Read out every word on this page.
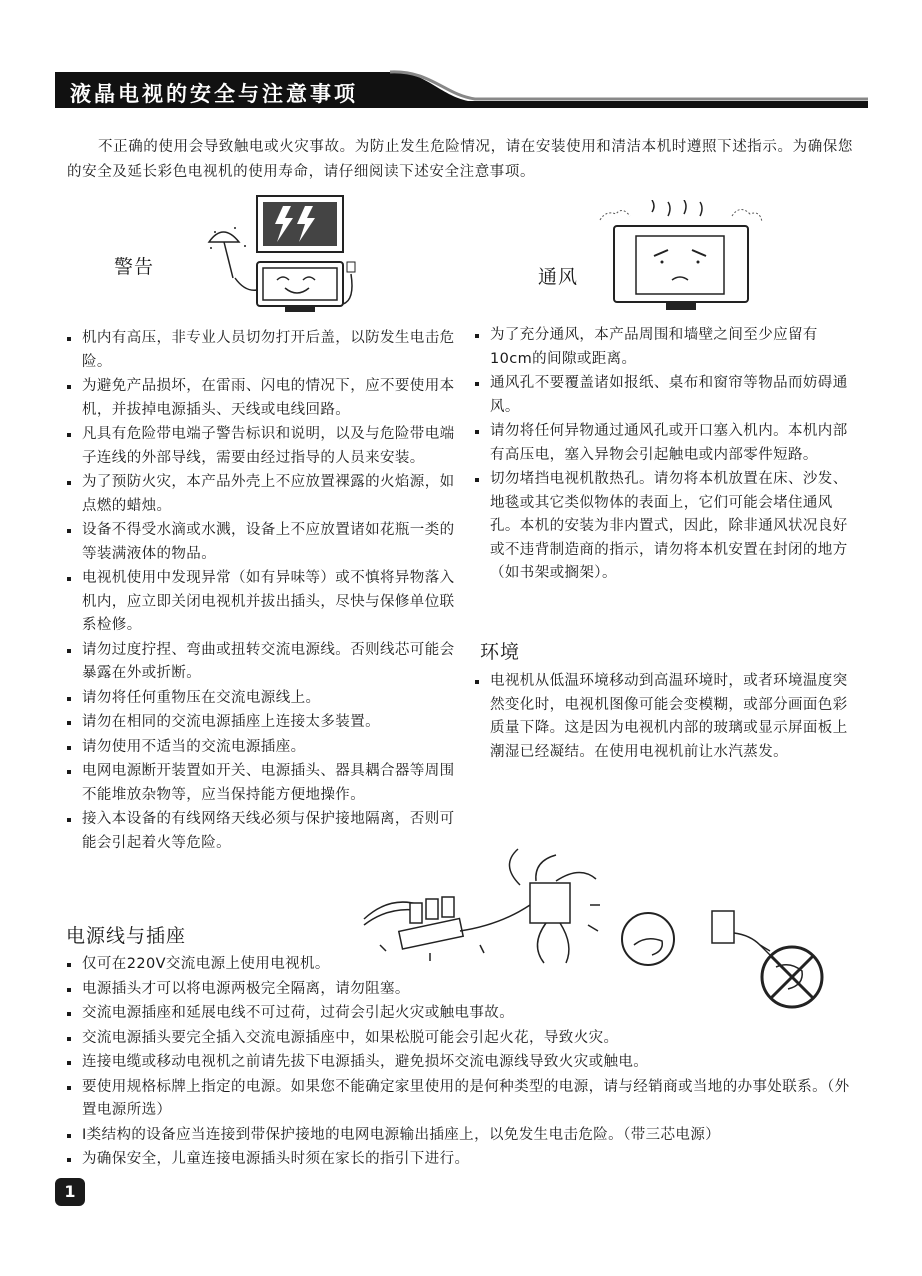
液晶电视的安全与注意事项

不正确的使用会导致触电或火灾事故。为防止发生危险情况，请在安装使用和清洁本机时遵照下述指示。为确保您的安全及延长彩色电视机的使用寿命，请仔细阅读下述安全注意事项。

警告	通风
机内有高压，非专业人员切勿打开后盖，以防发生电击危险。
为避免产品损坏，在雷雨、闪电的情况下，应不要使用本机，并拔掉电源插头、天线或电线回路。
凡具有危险带电端子警告标识和说明，以及与危险带电端子连线的外部导线，需要由经过指导的人员来安装。
为了预防火灾，本产品外壳上不应放置裸露的火焰源，如点燃的蜡烛。
设备不得受水滴或水溅，设备上不应放置诸如花瓶一类的等装满液体的物品。
电视机使用中发现异常（如有异味等）或不慎将异物落入机内，应立即关闭电视机并拔出插头，尽快与保修单位联系检修。
请勿过度拧捏、弯曲或扭转交流电源线。否则线芯可能会暴露在外或折断。
请勿将任何重物压在交流电源线上。
请勿在相同的交流电源插座上连接太多装置。
请勿使用不适当的交流电源插座。
电网电源断开装置如开关、电源插头、器具耦合器等周围不能堆放杂物等，应当保持能方便地操作。
接入本设备的有线网络天线必须与保护接地隔离，否则可能会引起着火等危险。
为了充分通风，本产品周围和墙壁之间至少应留有10cm的间隙或距离。
通风孔不要覆盖诸如报纸、桌布和窗帘等物品而妨碍通风。
请勿将任何异物通过通风孔或开口塞入机内。本机内部有高压电，塞入异物会引起触电或内部零件短路。
切勿堵挡电视机散热孔。请勿将本机放置在床、沙发、地毯或其它类似物体的表面上，它们可能会堵住通风孔。本机的安装为非内置式，因此，除非通风状况良好或不违背制造商的指示，请勿将本机安置在封闭的地方（如书架或搁架）。
环境
电视机从低温环境移动到高温环境时，或者环境温度突然变化时，电视机图像可能会变模糊，或部分画面色彩质量下降。这是因为电视机内部的玻璃或显示屏面板上潮湿已经凝结。在使用电视机前让水汽蒸发。
电源线与插座
仅可在220V交流电源上使用电视机。
电源插头才可以将电源两极完全隔离，请勿阻塞。
交流电源插座和延展电线不可过荷，过荷会引起火灾或触电事故。
交流电源插头要完全插入交流电源插座中，如果松脱可能会引起火花，导致火灾。
连接电缆或移动电视机之前请先拔下电源插头，避免损坏交流电源线导致火灾或触电。
要使用规格标牌上指定的电源。如果您不能确定家里使用的是何种类型的电源，请与经销商或当地的办事处联系。（外置电源所选）
Ⅰ类结构的设备应当连接到带保护接地的电网电源输出插座上，以免发生电击危险。（带三芯电源）
为确保安全，儿童连接电源插头时须在家长的指引下进行。
1
